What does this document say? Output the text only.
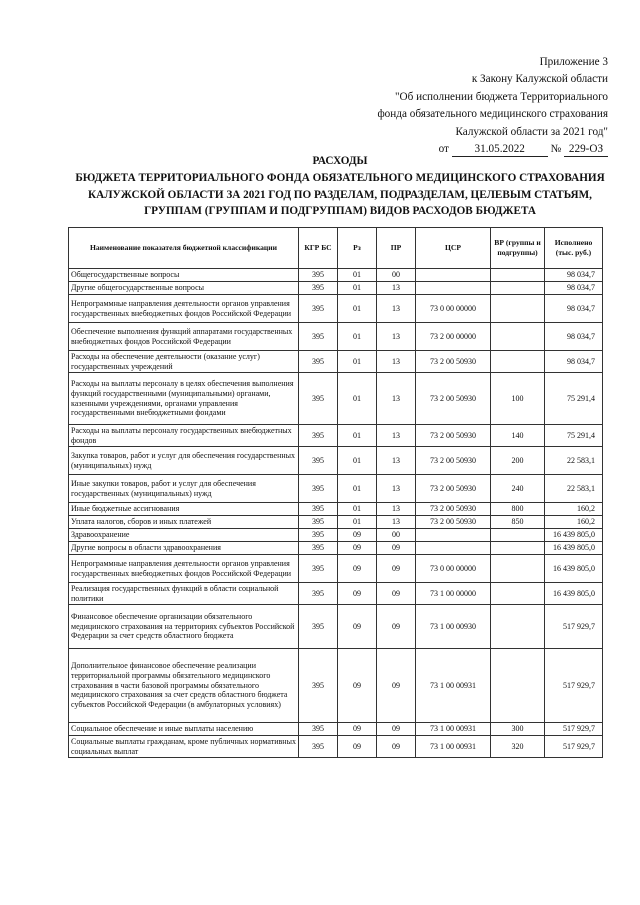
Приложение 3
к Закону Калужской области
"Об исполнении бюджета Территориального
фонда обязательного медицинского страхования
Калужской области за 2021 год"
от 31.05.2022 № 229-ОЗ
РАСХОДЫ
БЮДЖЕТА ТЕРРИТОРИАЛЬНОГО ФОНДА ОБЯЗАТЕЛЬНОГО МЕДИЦИНСКОГО СТРАХОВАНИЯ
КАЛУЖСКОЙ ОБЛАСТИ ЗА 2021 ГОД ПО РАЗДЕЛАМ, ПОДРАЗДЕЛАМ, ЦЕЛЕВЫМ СТАТЬЯМ,
ГРУППАМ (ГРУППАМ И ПОДГРУППАМ) ВИДОВ РАСХОДОВ БЮДЖЕТА
Наименование показателя бюджетной классификации	КГР БС	Рз	ПР	ЦСР	ВР (группы и подгруппы)	Исполнено (тыс. руб.)
Общегосударственные вопросы	395	01	00			98 034,7
Другие общегосударственные вопросы	395	01	13			98 034,7
Непрограммные направления деятельности органов управления государственных внебюджетных фондов Российской Федерации	395	01	13	73 0 00 00000		98 034,7
Обеспечение выполнения функций аппаратами государственных внебюджетных фондов Российской Федерации	395	01	13	73 2 00 00000		98 034,7
Расходы на обеспечение деятельности (оказание услуг) государственных учреждений	395	01	13	73 2 00 50930		98 034,7
Расходы на выплаты персоналу в целях обеспечения выполнения функций государственными (муниципальными) органами, казенными учреждениями, органами управления государственными внебюджетными фондами	395	01	13	73 2 00 50930	100	75 291,4
Расходы на выплаты персоналу государственных внебюджетных фондов	395	01	13	73 2 00 50930	140	75 291,4
Закупка товаров, работ и услуг для обеспечения государственных (муниципальных) нужд	395	01	13	73 2 00 50930	200	22 583,1
Иные закупки товаров, работ и услуг для обеспечения государственных (муниципальных) нужд	395	01	13	73 2 00 50930	240	22 583,1
Иные бюджетные ассигнования	395	01	13	73 2 00 50930	800	160,2
Уплата налогов, сборов и иных платежей	395	01	13	73 2 00 50930	850	160,2
Здравоохранение	395	09	00			16 439 805,0
Другие вопросы в области здравоохранения	395	09	09			16 439 805,0
Непрограммные направления деятельности органов управления государственных внебюджетных фондов Российской Федерации	395	09	09	73 0 00 00000		16 439 805,0
Реализация государственных функций в области социальной политики	395	09	09	73 1 00 00000		16 439 805,0
Финансовое обеспечение организации обязательного медицинского страхования на территориях субъектов Российской Федерации за счет средств областного бюджета	395	09	09	73 1 00 00930		517 929,7
Дополнительное финансовое обеспечение реализации территориальной программы обязательного медицинского страхования в части базовой программы обязательного медицинского страхования за счет средств областного бюджета субъектов Российской Федерации (в амбулаторных условиях)	395	09	09	73 1 00 00931		517 929,7
Социальное обеспечение и иные выплаты населению	395	09	09	73 1 00 00931	300	517 929,7
Социальные выплаты гражданам, кроме публичных нормативных социальных выплат	395	09	09	73 1 00 00931	320	517 929,7
